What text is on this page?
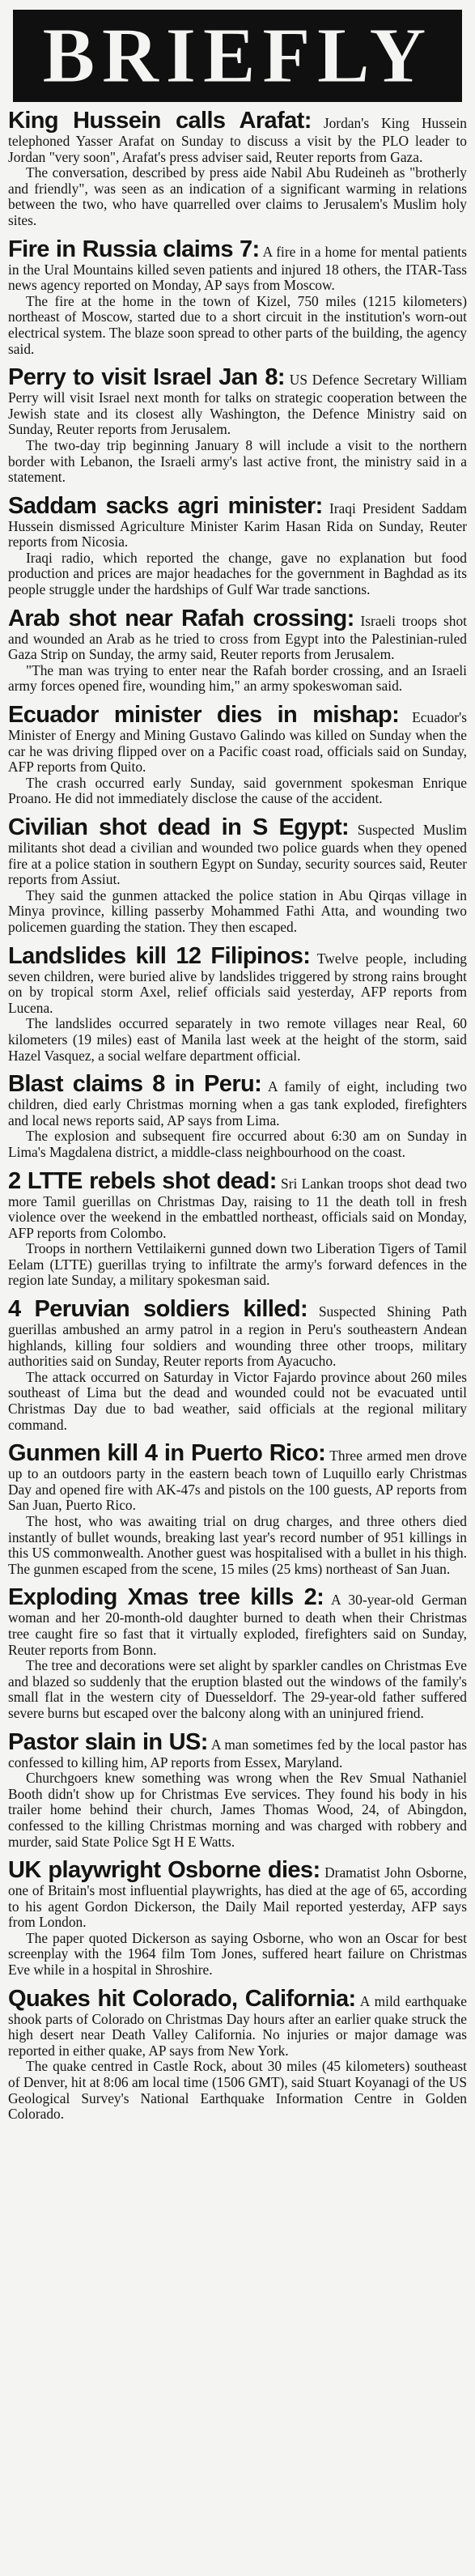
BRIEFLY

King Hussein calls Arafat: Jordan's King Hussein telephoned Yasser Arafat on Sunday to discuss a visit by the PLO leader to Jordan "very soon", Arafat's press adviser said, Reuter reports from Gaza.

The conversation, described by press aide Nabil Abu Rudeineh as "brotherly and friendly", was seen as an indication of a significant warming in relations between the two, who have quarrelled over claims to Jerusalem's Muslim holy sites.

Fire in Russia claims 7: A fire in a home for mental patients in the Ural Mountains killed seven patients and injured 18 others, the ITAR-Tass news agency reported on Monday, AP says from Moscow.

The fire at the home in the town of Kizel, 750 miles (1215 kilometers) northeast of Moscow, started due to a short circuit in the institution's worn-out electrical system. The blaze soon spread to other parts of the building, the agency said.

Perry to visit Israel Jan 8: US Defence Secretary William Perry will visit Israel next month for talks on strategic cooperation between the Jewish state and its closest ally Washington, the Defence Ministry said on Sunday, Reuter reports from Jerusalem.

The two-day trip beginning January 8 will include a visit to the northern border with Lebanon, the Israeli army's last active front, the ministry said in a statement.

Saddam sacks agri minister: Iraqi President Saddam Hussein dismissed Agriculture Minister Karim Hasan Rida on Sunday, Reuter reports from Nicosia.

Iraqi radio, which reported the change, gave no explanation but food production and prices are major headaches for the government in Baghdad as its people struggle under the hardships of Gulf War trade sanctions.

Arab shot near Rafah crossing: Israeli troops shot and wounded an Arab as he tried to cross from Egypt into the Palestinian-ruled Gaza Strip on Sunday, the army said, Reuter reports from Jerusalem.

"The man was trying to enter near the Rafah border crossing, and an Israeli army forces opened fire, wounding him," an army spokeswoman said.

Ecuador minister dies in mishap: Ecuador's Minister of Energy and Mining Gustavo Galindo was killed on Sunday when the car he was driving flipped over on a Pacific coast road, officials said on Sunday, AFP reports from Quito.

The crash occurred early Sunday, said government spokesman Enrique Proano. He did not immediately disclose the cause of the accident.

Civilian shot dead in S Egypt: Suspected Muslim militants shot dead a civilian and wounded two police guards when they opened fire at a police station in southern Egypt on Sunday, security sources said, Reuter reports from Assiut.

They said the gunmen attacked the police station in Abu Qirqas village in Minya province, killing passerby Mohammed Fathi Atta, and wounding two policemen guarding the station. They then escaped.

Landslides kill 12 Filipinos: Twelve people, including seven children, were buried alive by landslides triggered by strong rains brought on by tropical storm Axel, relief officials said yesterday, AFP reports from Lucena.

The landslides occurred separately in two remote villages near Real, 60 kilometers (19 miles) east of Manila last week at the height of the storm, said Hazel Vasquez, a social welfare department official.

Blast claims 8 in Peru: A family of eight, including two children, died early Christmas morning when a gas tank exploded, firefighters and local news reports said, AP says from Lima.

The explosion and subsequent fire occurred about 6:30 am on Sunday in Lima's Magdalena district, a middle-class neighbourhood on the coast.

2 LTTE rebels shot dead: Sri Lankan troops shot dead two more Tamil guerillas on Christmas Day, raising to 11 the death toll in fresh violence over the weekend in the embattled northeast, officials said on Monday, AFP reports from Colombo.

Troops in northern Vettilaikerni gunned down two Liberation Tigers of Tamil Eelam (LTTE) guerillas trying to infiltrate the army's forward defences in the region late Sunday, a military spokesman said.

4 Peruvian soldiers killed: Suspected Shining Path guerillas ambushed an army patrol in a region in Peru's southeastern Andean highlands, killing four soldiers and wounding three other troops, military authorities said on Sunday, Reuter reports from Ayacucho.

The attack occurred on Saturday in Victor Fajardo province about 260 miles southeast of Lima but the dead and wounded could not be evacuated until Christmas Day due to bad weather, said officials at the regional military command.

Gunmen kill 4 in Puerto Rico: Three armed men drove up to an outdoors party in the eastern beach town of Luquillo early Christmas Day and opened fire with AK-47s and pistols on the 100 guests, AP reports from San Juan, Puerto Rico.

The host, who was awaiting trial on drug charges, and three others died instantly of bullet wounds, breaking last year's record number of 951 killings in this US commonwealth. Another guest was hospitalised with a bullet in his thigh. The gunmen escaped from the scene, 15 miles (25 kms) northeast of San Juan.

Exploding Xmas tree kills 2: A 30-year-old German woman and her 20-month-old daughter burned to death when their Christmas tree caught fire so fast that it virtually exploded, firefighters said on Sunday, Reuter reports from Bonn.

The tree and decorations were set alight by sparkler candles on Christmas Eve and blazed so suddenly that the eruption blasted out the windows of the family's small flat in the western city of Duesseldorf. The 29-year-old father suffered severe burns but escaped over the balcony along with an uninjured friend.

Pastor slain in US: A man sometimes fed by the local pastor has confessed to killing him, AP reports from Essex, Maryland.

Churchgoers knew something was wrong when the Rev Smual Nathaniel Booth didn't show up for Christmas Eve services. They found his body in his trailer home behind their church, James Thomas Wood, 24, of Abingdon, confessed to the killing Christmas morning and was charged with robbery and murder, said State Police Sgt H E Watts.

UK playwright Osborne dies: Dramatist John Osborne, one of Britain's most influential playwrights, has died at the age of 65, according to his agent Gordon Dickerson, the Daily Mail reported yesterday, AFP says from London.

The paper quoted Dickerson as saying Osborne, who won an Oscar for best screenplay with the 1964 film Tom Jones, suffered heart failure on Christmas Eve while in a hospital in Shroshire.

Quakes hit Colorado, California: A mild earthquake shook parts of Colorado on Christmas Day hours after an earlier quake struck the high desert near Death Valley California. No injuries or major damage was reported in either quake, AP says from New York.

The quake centred in Castle Rock, about 30 miles (45 kilometers) southeast of Denver, hit at 8:06 am local time (1506 GMT), said Stuart Koyanagi of the US Geological Survey's National Earthquake Information Centre in Golden Colorado.
